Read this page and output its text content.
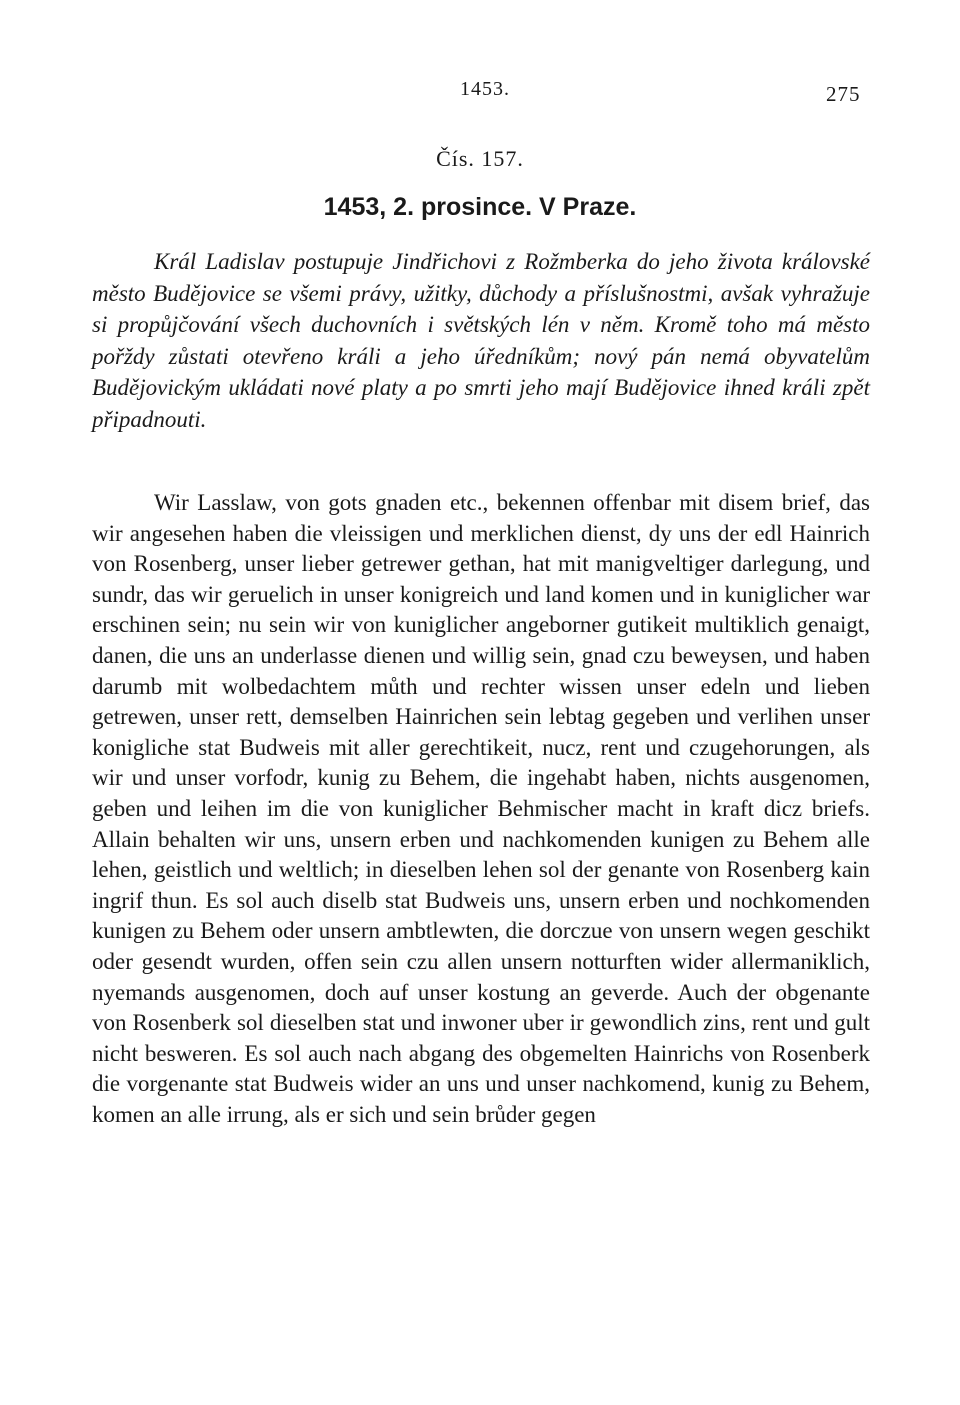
1453.	275
Čís. 157.
1453, 2. prosince. V Praze.

Král Ladislav postupuje Jindřichovi z Rožmberka do jeho života královské město Budějovice se všemi právy, užitky, důchody a příslušnostmi, avšak vyhražuje si propůjčování všech duchovních i světských lén v něm. Kromě toho má město pořždy zůstati otevřeno králi a jeho úředníkům; nový pán nemá obyvatelům Budějovickým ukládati nové platy a po smrti jeho mají Budějovice ihned králi zpět připadnouti.

Wir Lasslaw, von gots gnaden etc., bekennen offenbar mit disem brief, das wir angesehen haben die vleissigen und merklichen dienst, dy uns der edl Hainrich von Rosenberg, unser lieber getrewer gethan, hat mit manigveltiger darlegung, und sundr, das wir geruelich in unser konigreich und land komen und in kuniglicher war erschinen sein; nu sein wir von kuniglicher angeborner gutikeit multiklich genaigt, danen, die uns an underlasse dienen und willig sein, gnad czu beweysen, und haben darumb mit wolbedachtem můth und rechter wissen unser edeln und lieben getrewen, unser rett, demselben Hainrichen sein lebtag gegeben und verlihen unser konigliche stat Budweis mit aller gerechtikeit, nucz, rent und czugehorungen, als wir und unser vorfodr, kunig zu Behem, die ingehabt haben, nichts ausgenomen, geben und leihen im die von kuniglicher Behmischer macht in kraft dicz briefs. Allain behalten wir uns, unsern erben und nachkomenden kunigen zu Behem alle lehen, geistlich und weltlich; in dieselben lehen sol der genante von Rosenberg kain ingrif thun. Es sol auch diselb stat Budweis uns, unsern erben und nochkomenden kunigen zu Behem oder unsern ambtlewten, die dorczue von unsern wegen geschikt oder gesendt wurden, offen sein czu allen unsern notturften wider allermaniklich, nyemands ausgenomen, doch auf unser kostung an geverde. Auch der obgenante von Rosenberk sol dieselben stat und inwoner uber ir gewondlich zins, rent und gult nicht besweren. Es sol auch nach abgang des obgemelten Hainrichs von Rosenberk die vorgenante stat Budweis wider an uns und unser nachkomend, kunig zu Behem, komen an alle irrung, als er sich und sein brůder gegen
